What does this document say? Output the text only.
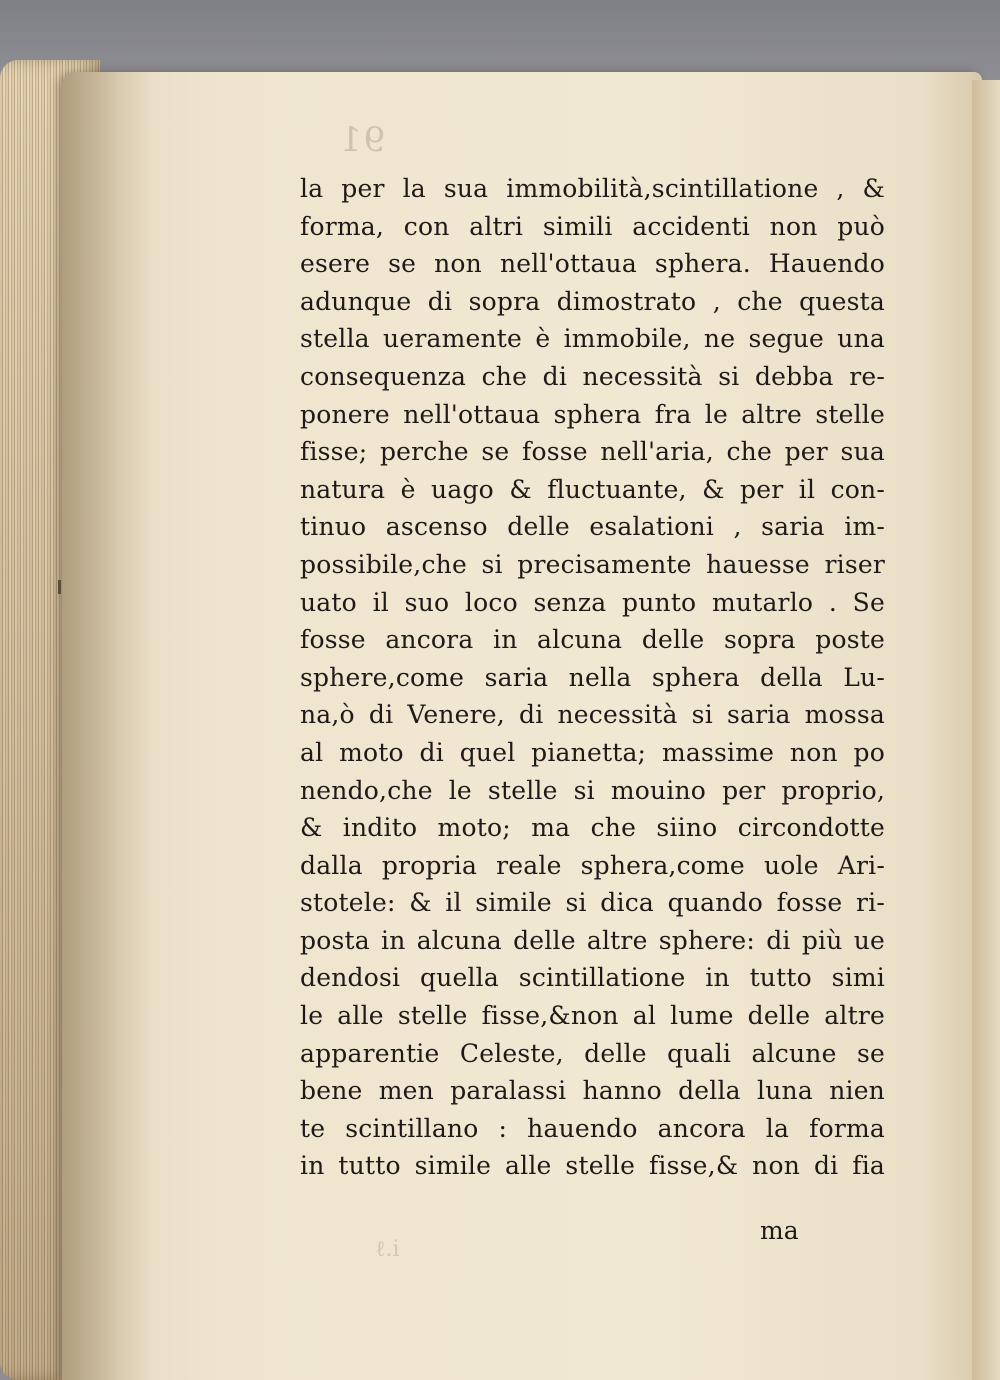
91
la per la sua immobilità,scintillatione , &
forma, con altri simili accidenti non può
esere se non nell'ottaua sphera. Hauendo
adunque di sopra dimostrato , che questa
stella ueramente è immobile, ne segue una
consequenza che di necessità si debba re-
ponere nell'ottaua sphera fra le altre stelle
fisse; perche se fosse nell'aria, che per sua
natura è uago & fluctuante, & per il con-
tinuo ascenso delle esalationi , saria im-
possibile,che si precisamente hauesse riser
uato il suo loco senza punto mutarlo . Se
fosse ancora in alcuna delle sopra poste
sphere,come saria nella sphera della Lu-
na,ò di Venere, di necessità si saria mossa
al moto di quel pianetta; massime non po
nendo,che le stelle si mouino per proprio,
& indito moto; ma che siino circondotte
dalla propria reale sphera,come uole Ari-
stotele: & il simile si dica quando fosse ri-
posta in alcuna delle altre sphere: di più ue
dendosi quella scintillatione in tutto simi
le alle stelle fisse,&non al lume delle altre
apparentie Celeste, delle quali alcune se
bene men paralassi hanno della luna nien
te scintillano : hauendo ancora la forma
in tutto simile alle stelle fisse,& non di fia
ℓ.i
ma
